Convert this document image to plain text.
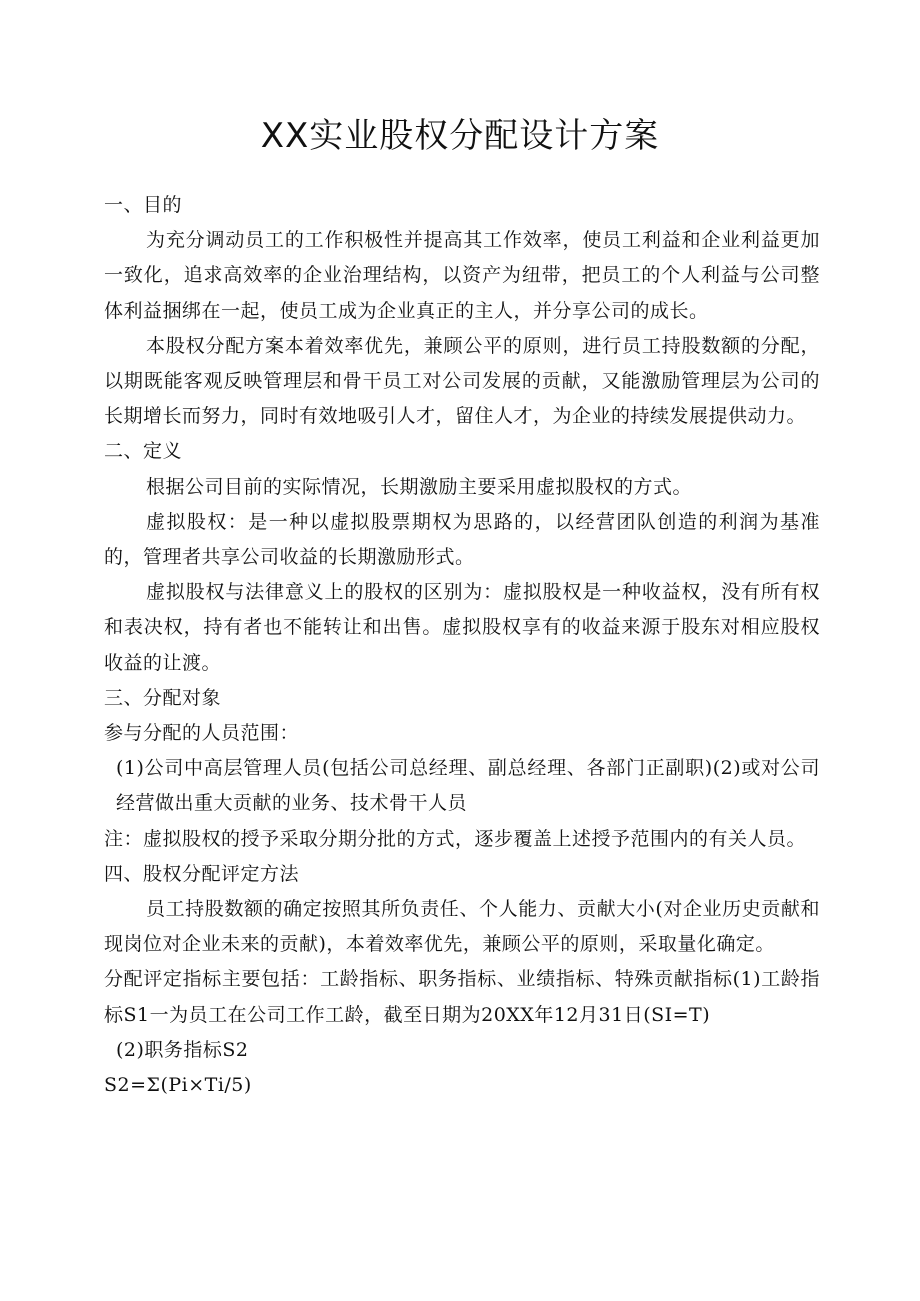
XX实业股权分配设计方案

一、目的

为充分调动员工的工作积极性并提高其工作效率，使员工利益和企业利益更加一致化，追求高效率的企业治理结构，以资产为纽带，把员工的个人利益与公司整体利益捆绑在一起，使员工成为企业真正的主人，并分享公司的成长。

本股权分配方案本着效率优先，兼顾公平的原则，进行员工持股数额的分配，以期既能客观反映管理层和骨干员工对公司发展的贡献，又能激励管理层为公司的长期增长而努力，同时有效地吸引人才，留住人才，为企业的持续发展提供动力。

二、定义

根据公司目前的实际情况，长期激励主要采用虚拟股权的方式。

虚拟股权：是一种以虚拟股票期权为思路的，以经营团队创造的利润为基准的，管理者共享公司收益的长期激励形式。

虚拟股权与法律意义上的股权的区别为：虚拟股权是一种收益权，没有所有权和表决权，持有者也不能转让和出售。虚拟股权享有的收益来源于股东对相应股权收益的让渡。

三、分配对象

参与分配的人员范围：

(1)公司中高层管理人员(包括公司总经理、副总经理、各部门正副职)(2)或对公司经营做出重大贡献的业务、技术骨干人员

注：虚拟股权的授予采取分期分批的方式，逐步覆盖上述授予范围内的有关人员。

四、股权分配评定方法

员工持股数额的确定按照其所负责任、个人能力、贡献大小(对企业历史贡献和现岗位对企业未来的贡献)，本着效率优先，兼顾公平的原则，采取量化确定。

分配评定指标主要包括：工龄指标、职务指标、业绩指标、特殊贡献指标(1)工龄指标S1一为员工在公司工作工龄，截至日期为20XX年12月31日(SI=T)

(2)职务指标S2

S2=Σ(Pi×Ti/5)
